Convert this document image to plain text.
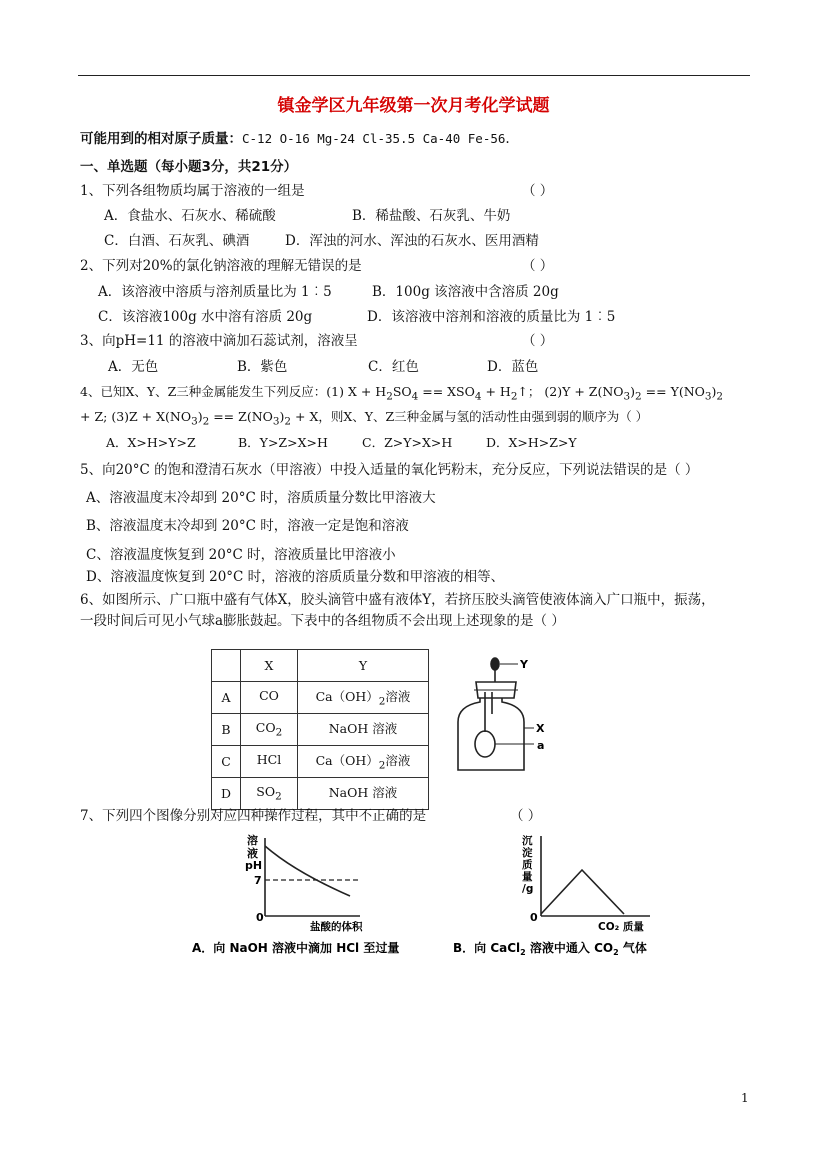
镇金学区九年级第一次月考化学试题
可能用到的相对原子质量：C-12 O-16 Mg-24 Cl-35.5 Ca-40 Fe-56.
一、单选题（每小题3分，共21分）
1、下列各组物质均属于溶液的一组是	（ ）
A．食盐水、石灰水、稀硫酸	B．稀盐酸、石灰乳、牛奶
C．白酒、石灰乳、碘酒	D．浑浊的河水、浑浊的石灰水、医用酒精
2、下列对20%的氯化钠溶液的理解无错误的是	（ ）
A．该溶液中溶质与溶剂质量比为 1︰5	B．100g 该溶液中含溶质 20g
C．该溶液100g 水中溶有溶质 20g	D．该溶液中溶剂和溶液的质量比为 1︰5
3、向pH=11 的溶液中滴加石蕊试剂，溶液呈	（ ）
A．无色	B．紫色	C．红色	D．蓝色
4、已知X、Y、Z三种金属能发生下列反应：(1) $X + H_2SO_4 == XSO_4$ + $H_2↑$； $(2)Y + Z(NO_3)_2 == Y(NO_3)_2$
+ Z; $(3)Z + X(NO_3)_2 == Z(NO_3)_2 + X$，则X、Y、Z三种金属与氢的活动性由强到弱的顺序为（ ）
A．X>H>Y>Z	B．Y>Z>X>H	C．Z>Y>X>H	D．X>H>Z>Y
5、向20°C 的饱和澄清石灰水（甲溶液）中投入适量的氧化钙粉末，充分反应，下列说法错误的是（ ）
A、溶液温度末冷却到 20°C 时，溶质质量分数比甲溶液大
B、溶液温度末冷却到 20°C 时，溶液一定是饱和溶液
C、溶液温度恢复到 20°C 时，溶液质量比甲溶液小
D、溶液温度恢复到 20°C 时，溶液的溶质质量分数和甲溶液的相等、
6、如图所示、广口瓶中盛有气体X，胶头滴管中盛有液体Y，若挤压胶头滴管使液体滴入广口瓶中，振荡，
一段时间后可见小气球a膨胀鼓起。下表中的各组物质不会出现上述现象的是（ ）
	X	Y
A	CO	$Ca(OH)_2$溶液
B	$CO_2$	NaOH 溶液
C	HCl	$Ca(OH)_2$溶液
D	$SO_2$	NaOH 溶液
Y
X
a
7、下列四个图像分别对应四种操作过程，其中不正确的是	（ ）
溶
液
pH
7
0
盐酸的体积
A．向 NaOH 溶液中滴加 HCl 至过量
沉
淀
质
量
/g
0
CO₂ 质量
B．向 CaCl$_2$ 溶液中通入 $CO_2$ 气体
1
